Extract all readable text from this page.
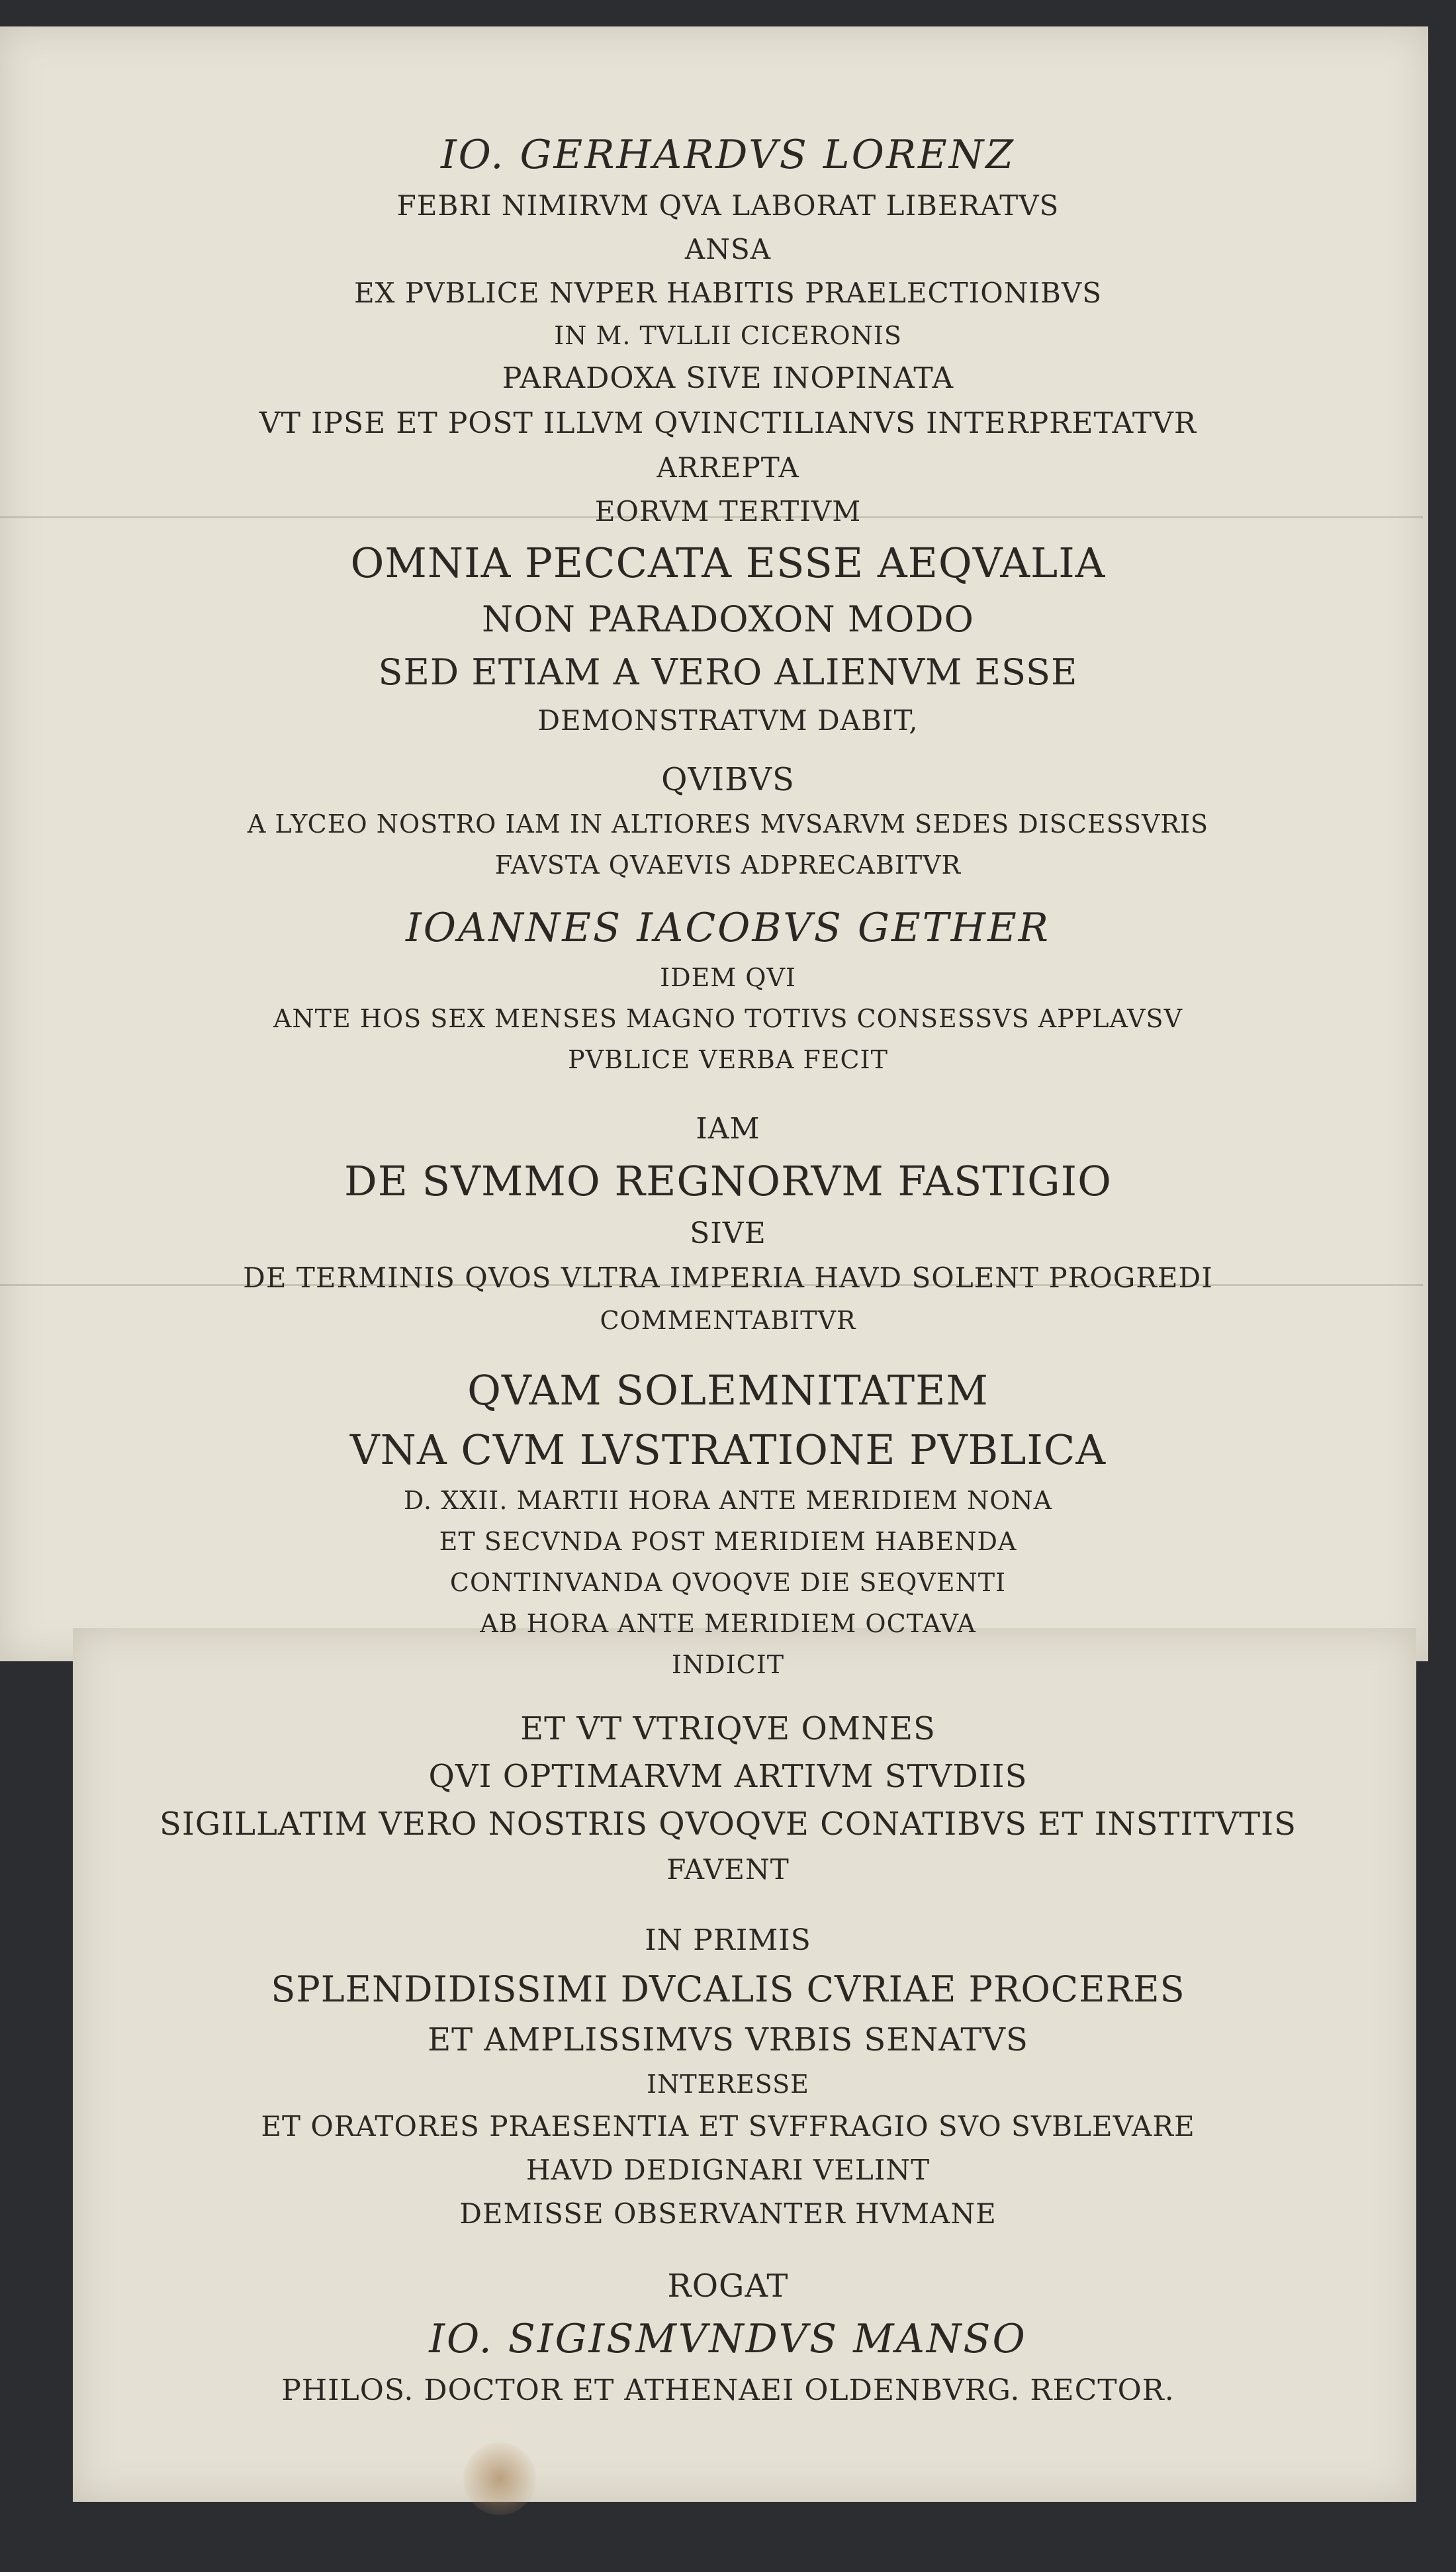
IO. GERHARDVS LORENZ
FEBRI NIMIRVM QVA LABORAT LIBERATVS
ANSA
EX PVBLICE NVPER HABITIS PRAELECTIONIBVS
IN M. TVLLII CICERONIS
PARADOXA SIVE INOPINATA
VT IPSE ET POST ILLVM QVINCTILIANVS INTERPRETATVR
ARREPTA
EORVM TERTIVM
OMNIA PECCATA ESSE AEQVALIA
NON PARADOXON MODO
SED ETIAM A VERO ALIENVM ESSE
DEMONSTRATVM DABIT,
QVIBVS
A LYCEO NOSTRO IAM IN ALTIORES MVSARVM SEDES DISCESSVRIS
FAVSTA QVAEVIS ADPRECABITVR
IOANNES IACOBVS GETHER
IDEM QVI
ANTE HOS SEX MENSES MAGNO TOTIVS CONSESSVS APPLAVSV
PVBLICE VERBA FECIT
IAM
DE SVMMO REGNORVM FASTIGIO
SIVE
DE TERMINIS QVOS VLTRA IMPERIA HAVD SOLENT PROGREDI
COMMENTABITVR
QVAM SOLEMNITATEM
VNA CVM LVSTRATIONE PVBLICA
D. XXII. MARTII HORA ANTE MERIDIEM NONA
ET SECVNDA POST MERIDIEM HABENDA
CONTINVANDA QVOQVE DIE SEQVENTI
AB HORA ANTE MERIDIEM OCTAVA
INDICIT
ET VT VTRIQVE OMNES
QVI OPTIMARVM ARTIVM STVDIIS
SIGILLATIM VERO NOSTRIS QVOQVE CONATIBVS ET INSTITVTIS
FAVENT
IN PRIMIS
SPLENDIDISSIMI DVCALIS CVRIAE PROCERES
ET AMPLISSIMVS VRBIS SENATVS
INTERESSE
ET ORATORES PRAESENTIA ET SVFFRAGIO SVO SVBLEVARE
HAVD DEDIGNARI VELINT
DEMISSE OBSERVANTER HVMANE
ROGAT
IO. SIGISMVNDVS MANSO
PHILOS. DOCTOR ET ATHENAEI OLDENBVRG. RECTOR.
